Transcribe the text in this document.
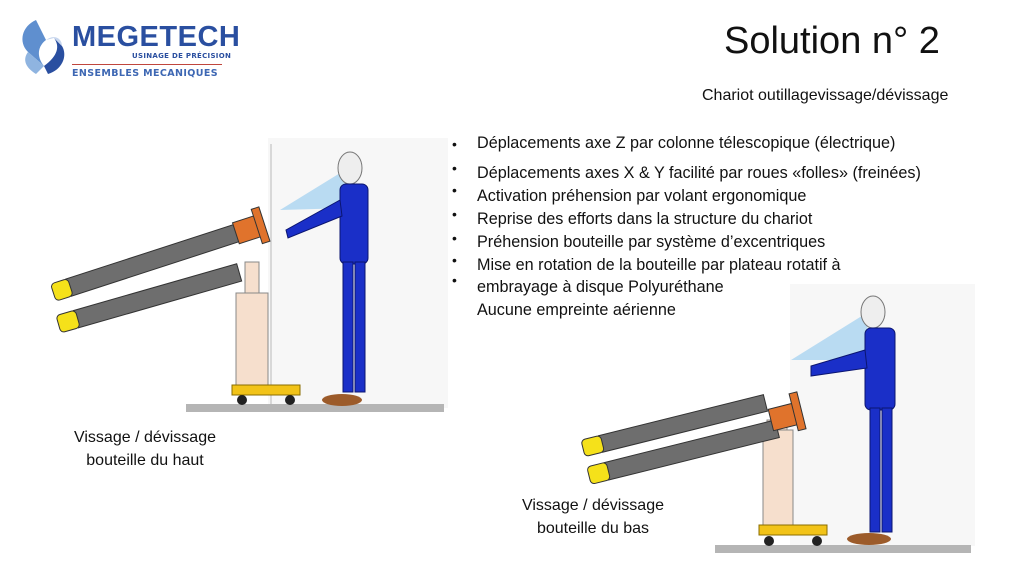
MEGETECH
USINAGE DE PRÉCISION
ENSEMBLES MECANIQUES
Solution n° 2
Chariot outillagevissage/dévissage
•
•
•
•
•
•
•
Déplacements axe Z par colonne télescopique (électrique)
Déplacements axes X & Y facilité par roues «folles» (freinées)
Activation préhension par volant ergonomique
Reprise des efforts dans la structure du chariot
Préhension bouteille par système d’excentriques
Mise en rotation de la bouteille par plateau rotatif à
embrayage à disque Polyuréthane
Aucune empreinte aérienne
Vissage / dévissage
bouteille du haut
Vissage / dévissage
bouteille du bas
